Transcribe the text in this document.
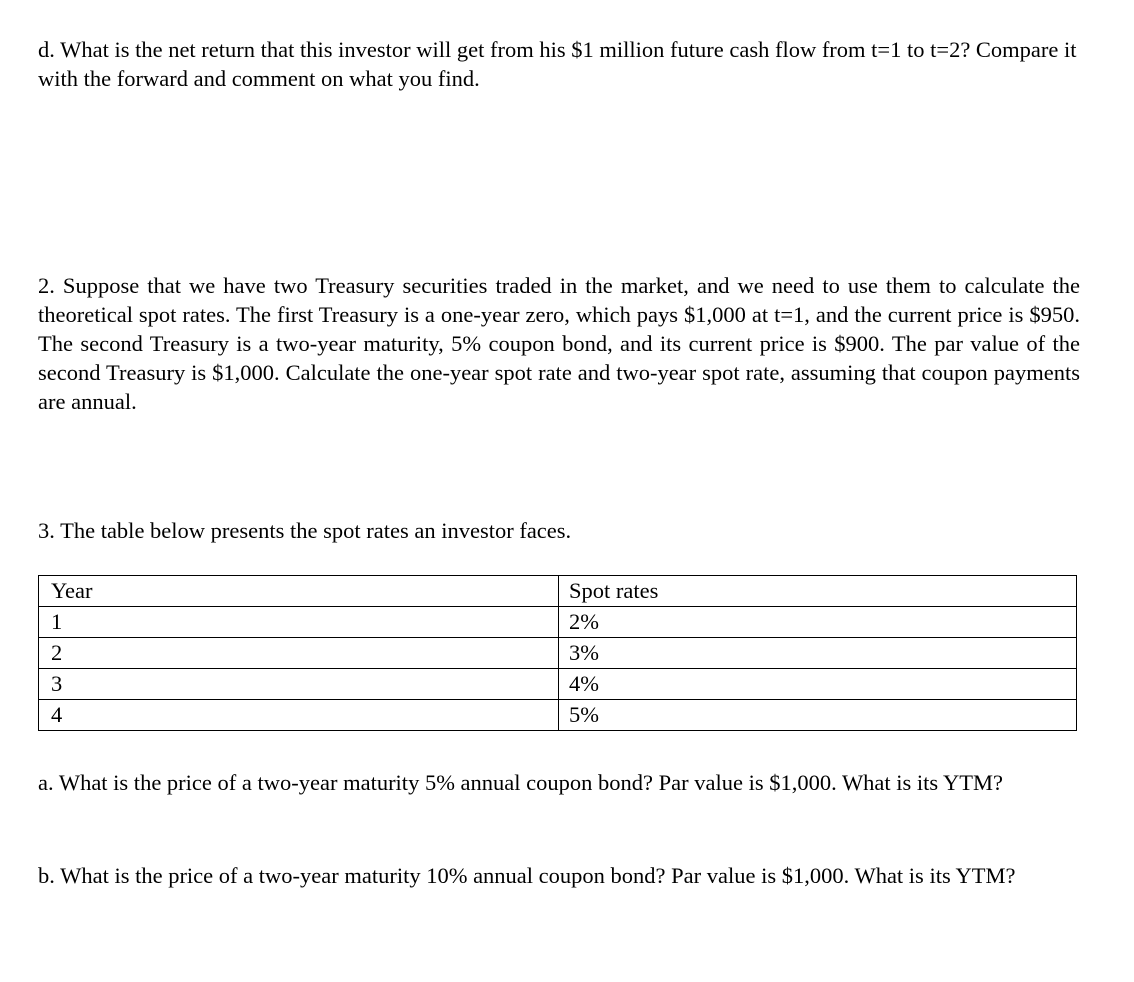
d. What is the net return that this investor will get from his $1 million future cash flow from t=1 to t=2? Compare it with the forward and comment on what you find.

2. Suppose that we have two Treasury securities traded in the market, and we need to use them to calculate the theoretical spot rates. The first Treasury is a one-year zero, which pays $1,000 at t=1, and the current price is $950. The second Treasury is a two-year maturity, 5% coupon bond, and its current price is $900. The par value of the second Treasury is $1,000. Calculate the one-year spot rate and two-year spot rate, assuming that coupon payments are annual.

3. The table below presents the spot rates an investor faces.

Year	Spot rates
1	2%
2	3%
3	4%
4	5%

a. What is the price of a two-year maturity 5% annual coupon bond? Par value is $1,000. What is its YTM?

b. What is the price of a two-year maturity 10% annual coupon bond? Par value is $1,000. What is its YTM?
